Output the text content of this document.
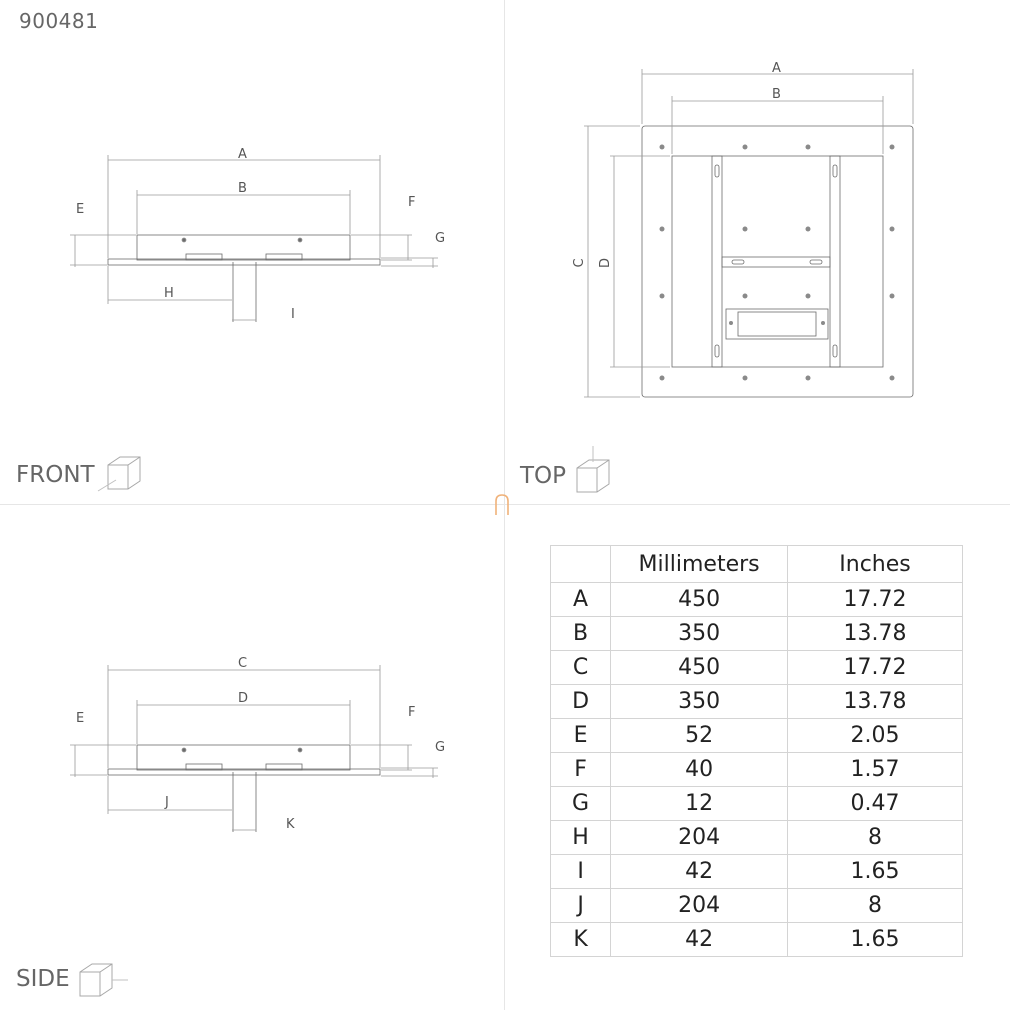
900481
A
B
E	F
G
H
I
C
D
E	F
G
J
K
A
B
C D
FRONT	TOP
SIDE
	Millimeters	Inches
A	450	17.72
B	350	13.78
C	450	17.72
D	350	13.78
E	52	2.05
F	40	1.57
G	12	0.47
H	204	8
I	42	1.65
J	204	8
K	42	1.65
